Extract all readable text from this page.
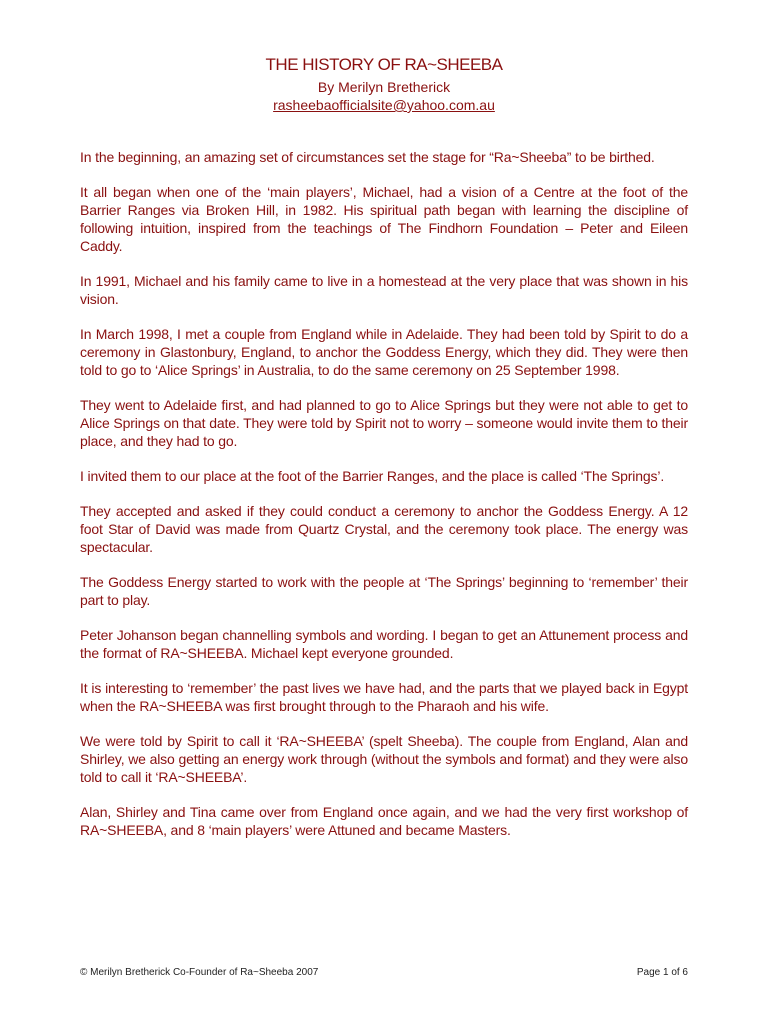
THE HISTORY OF RA~SHEEBA
By Merilyn Bretherick
rasheebaofficialsite@yahoo.com.au

In the beginning, an amazing set of circumstances set the stage for “Ra~Sheeba” to be birthed.

It all began when one of the ‘main players’, Michael, had a vision of a Centre at the foot of the Barrier Ranges via Broken Hill, in 1982. His spiritual path began with learning the discipline of following intuition, inspired from the teachings of The Findhorn Foundation – Peter and Eileen Caddy.

In 1991, Michael and his family came to live in a homestead at the very place that was shown in his vision.

In March 1998, I met a couple from England while in Adelaide. They had been told by Spirit to do a ceremony in Glastonbury, England, to anchor the Goddess Energy, which they did. They were then told to go to ‘Alice Springs’ in Australia, to do the same ceremony on 25 September 1998.

They went to Adelaide first, and had planned to go to Alice Springs but they were not able to get to Alice Springs on that date. They were told by Spirit not to worry – someone would invite them to their place, and they had to go.

I invited them to our place at the foot of the Barrier Ranges, and the place is called ‘The Springs’.

They accepted and asked if they could conduct a ceremony to anchor the Goddess Energy. A 12 foot Star of David was made from Quartz Crystal, and the ceremony took place. The energy was spectacular.

The Goddess Energy started to work with the people at ‘The Springs’ beginning to ‘remember’ their part to play.

Peter Johanson began channelling symbols and wording. I began to get an Attunement process and the format of RA~SHEEBA. Michael kept everyone grounded.

It is interesting to ‘remember’ the past lives we have had, and the parts that we played back in Egypt when the RA~SHEEBA was first brought through to the Pharaoh and his wife.

We were told by Spirit to call it ‘RA~SHEEBA’ (spelt Sheeba). The couple from England, Alan and Shirley, we also getting an energy work through (without the symbols and format) and they were also told to call it ‘RA~SHEEBA’.

Alan, Shirley and Tina came over from England once again, and we had the very first workshop of RA~SHEEBA, and 8 ‘main players’ were Attuned and became Masters.

© Merilyn Bretherick Co-Founder of Ra~Sheeba 2007	Page 1 of 6
